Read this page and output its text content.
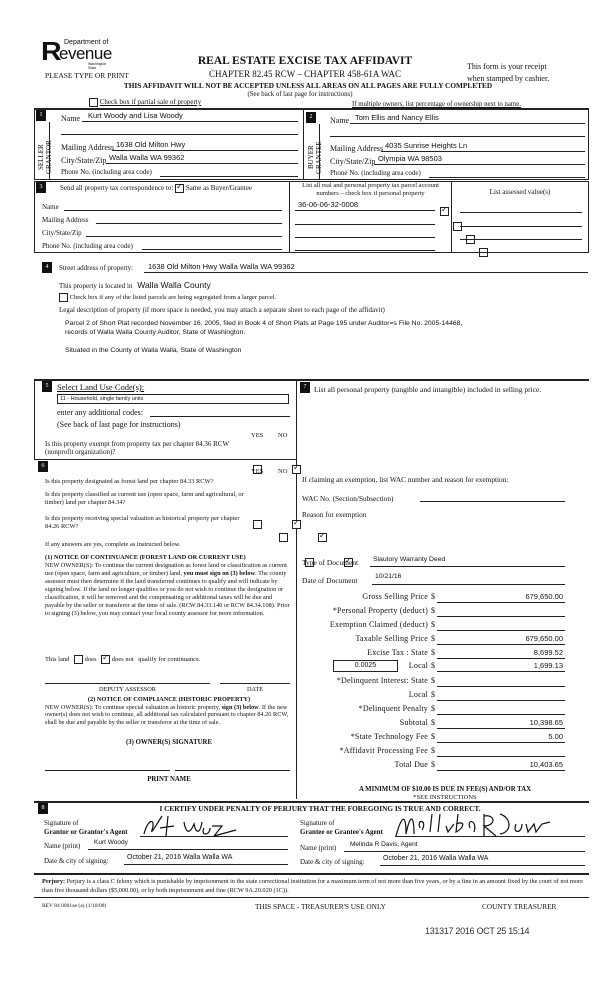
R Department of
evenue
Washington State
PLEASE TYPE OR PRINT
REAL ESTATE EXCISE TAX AFFIDAVIT
CHAPTER 82.45 RCW – CHAPTER 458-61A WAC
This form is your receipt
when stamped by cashier.
THIS AFFIDAVIT WILL NOT BE ACCEPTED UNLESS ALL AREAS ON ALL PAGES ARE FULLY COMPLETED
(See back of last page for instructions)
Check box if partial sale of property	If multiple owners, list percentage of ownership next to name.
1
SELLER
GRANTOR
Name Kurt Woody and Lisa Woody
Mailing Address 1638 Old Milton Hwy
City/State/Zip Walla Walla WA 99362
Phone No. (including area code)
2
BUYER
GRANTEE
Name Tom Ellis and Nancy Ellis
Mailing Address 4035 Sunrise Heights Ln
City/State/Zip Olympia WA 98503
Phone No. (including area code)
3	Send all property tax correspondence to: ✓ Same as Buyer/Grantee
Name
Mailing Address
City/State/Zip
Phone No. (including area code)
List all real and personal property tax parcel account numbers – check box if personal property	List assessed value(s)
36-06-06-32-0008
✓

4	Street address of property: 1638 Old Milton Hwy Walla Walla WA 99362
This property is located in Walla Walla County
Check box if any of the listed parcels are being segregated from a larger parcel.
Legal description of property (if more space is needed, you may attach a separate sheet to each page of the affidavit)
Parcel 2 of Short Plat recorded November 16, 2005, filed in Book 4 of Short Plats at Page 195 under Auditor=s File No. 2005-14468,
records of Walla Walla County Auditor, State of Washington.
Situated in the County of Walla Walla, State of Washington
5	Select Land Use Code(s):
11 - Household, single family units
enter any additional codes:
(See back of last page for instructions)
YES NO
Is this property exempt from property tax per chapter 84.36 RCW (nonprofit organization)?
✓
6
YES NO
Is this property designated as forest land per chapter 84.33 RCW?
✓
Is this property classified as current use (open space, farm and agricultural, or timber) land per chapter 84.34?
✓
Is this property receiving special valuation as historical property per chapter 84.26 RCW?
✓
If any answers are yes, complete as instructed below.
(1) NOTICE OF CONTINUANCE (FOREST LAND OR CURRENT USE)
NEW OWNER(S): To continue the current designation as forest land or classification as current use (open space, farm and agriculture, or timber) land, you must sign on (3) below. The county assessor must then determine if the land transferred continues to qualify and will indicate by signing below. If the land no longer qualifies or you do not wish to continue the designation or classification, it will be removed and the compensating or additional taxes will be due and payable by the seller or transferor at the time of sale. (RCW 84.33.140 or RCW 84.34.108). Prior to signing (3) below, you may contact your local county assessor for more information.
This land does ✓ does not qualify for continuance.
DEPUTY ASSESSOR	DATE
(2) NOTICE OF COMPLIANCE (HISTORIC PROPERTY)
NEW OWNER(S): To continue special valuation as historic property, sign (3) below. If the new owner(s) does not wish to continue, all additional tax calculated pursuant to chapter 84.26 RCW, shall be due and payable by the seller or transferor at the time of sale.
(3) OWNER(S) SIGNATURE
PRINT NAME
7	List all personal property (tangible and intangible) included in selling price.
If claiming an exemption, list WAC number and reason for exemption:
WAC No. (Section/Subsection)
Reason for exemption
Type of Document Slautory Warranty Deed
Date of Document	10/21/16
Gross Selling Price $	679,650.00
*Personal Property (deduct) $
Exemption Claimed (deduct) $
Taxable Selling Price $	679,650.00
Excise Tax : State $	8,699.52
0.0025	Local $	1,699.13
*Delinquent Interest: State $
Local $
*Delinquent Penalty $
Subtotal $	10,398.65
*State Technology Fee $	5.00
*Affidavit Processing Fee $
Total Due $	10,403.65
A MINIMUM OF $10.00 IS DUE IN FEE(S) AND/OR TAX
*SEE INSTRUCTIONS
8	I CERTIFY UNDER PENALTY OF PERJURY THAT THE FOREGOING IS TRUE AND CORRECT.
Signature of
Grantor or Grantor's Agent
Name (print) Kurt Woody
Date & city of signing:	October 21, 2016 Walla Walla WA
Signature of
Grantee or Grantee's Agent
Name (print) Melinda R Davis, Agent
Date & city of signing:	October 21, 2016 Walla Walla WA
Perjury: Perjury is a class C felony which is punishable by imprisonment in the state correctional institution for a maximum term of not more than five years, or by a fine in an amount fixed by the court of not more than five thousand dollars ($5,000.00), or by both imprisonment and fine (RCW 9A.20.020 (1C)).
REV 84 0001ae (a) (1/10/08)	THIS SPACE - TREASURER'S USE ONLY	COUNTY TREASURER
131317 2016 OCT 25 15:14
